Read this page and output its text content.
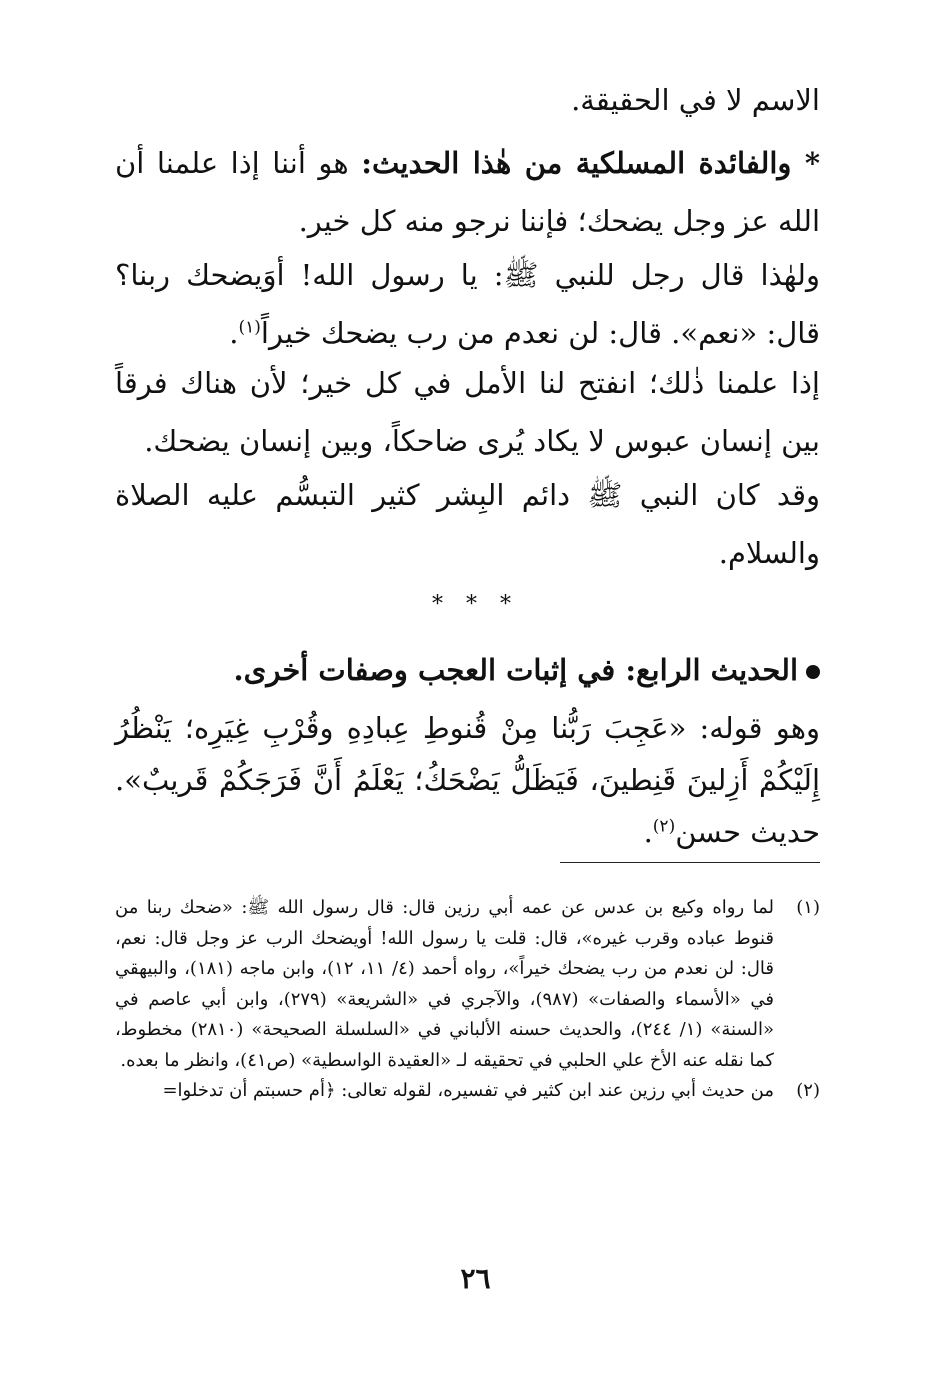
الاسم لا في الحقيقة.

* والفائدة المسلكية من هٰذا الحديث: هو أننا إذا علمنا أن الله عز وجل يضحك؛ فإننا نرجو منه كل خير.

ولهٰذا قال رجل للنبي ﷺ: يا رسول الله! أوَيضحك ربنا؟ قال: «نعم». قال: لن نعدم من رب يضحك خيراً$^{(١)}$.

إذا علمنا ذٰلك؛ انفتح لنا الأمل في كل خير؛ لأن هناك فرقاً بين إنسان عبوس لا يكاد يُرى ضاحكاً، وبين إنسان يضحك.

وقد كان النبي ﷺ دائم البِشر كثير التبسُّم عليه الصلاة والسلام.

* * *

الحديث الرابع: في إثبات العجب وصفات أخرى.

وهو قوله: «عَجِبَ رَبُّنا مِنْ قُنوطِ عِبادِهِ وقُرْبِ غِيَرِه؛ يَنْظُرُ إِلَيْكُمْ أَزِلينَ قَنِطينَ، فَيَظَلُّ يَضْحَكُ؛ يَعْلَمُ أَنَّ فَرَجَكُمْ قَريبٌ». حديث حسن$^{(٢)}$.

(١)
لما رواه وكيع بن عدس عن عمه أبي رزين قال: قال رسول الله ﷺ: «ضحك ربنا من قنوط عباده وقرب غيره»، قال: قلت يا رسول الله! أويضحك الرب عز وجل قال: نعم، قال: لن نعدم من رب يضحك خيراً»، رواه أحمد (٤/ ١١، ١٢)، وابن ماجه (١٨١)، والبيهقي في «الأسماء والصفات» (٩٨٧)، والآجري في «الشريعة» (٢٧٩)، وابن أبي عاصم في «السنة» (١/ ٢٤٤)، والحديث حسنه الألباني في «السلسلة الصحيحة» (٢٨١٠) مخطوط، كما نقله عنه الأخ علي الحلبي في تحقيقه لـ «العقيدة الواسطية» (ص٤١)، وانظر ما بعده.
(٢)
من حديث أبي رزين عند ابن كثير في تفسيره، لقوله تعالى: ﴿أم حسبتم أن تدخلوا=
٢٦
